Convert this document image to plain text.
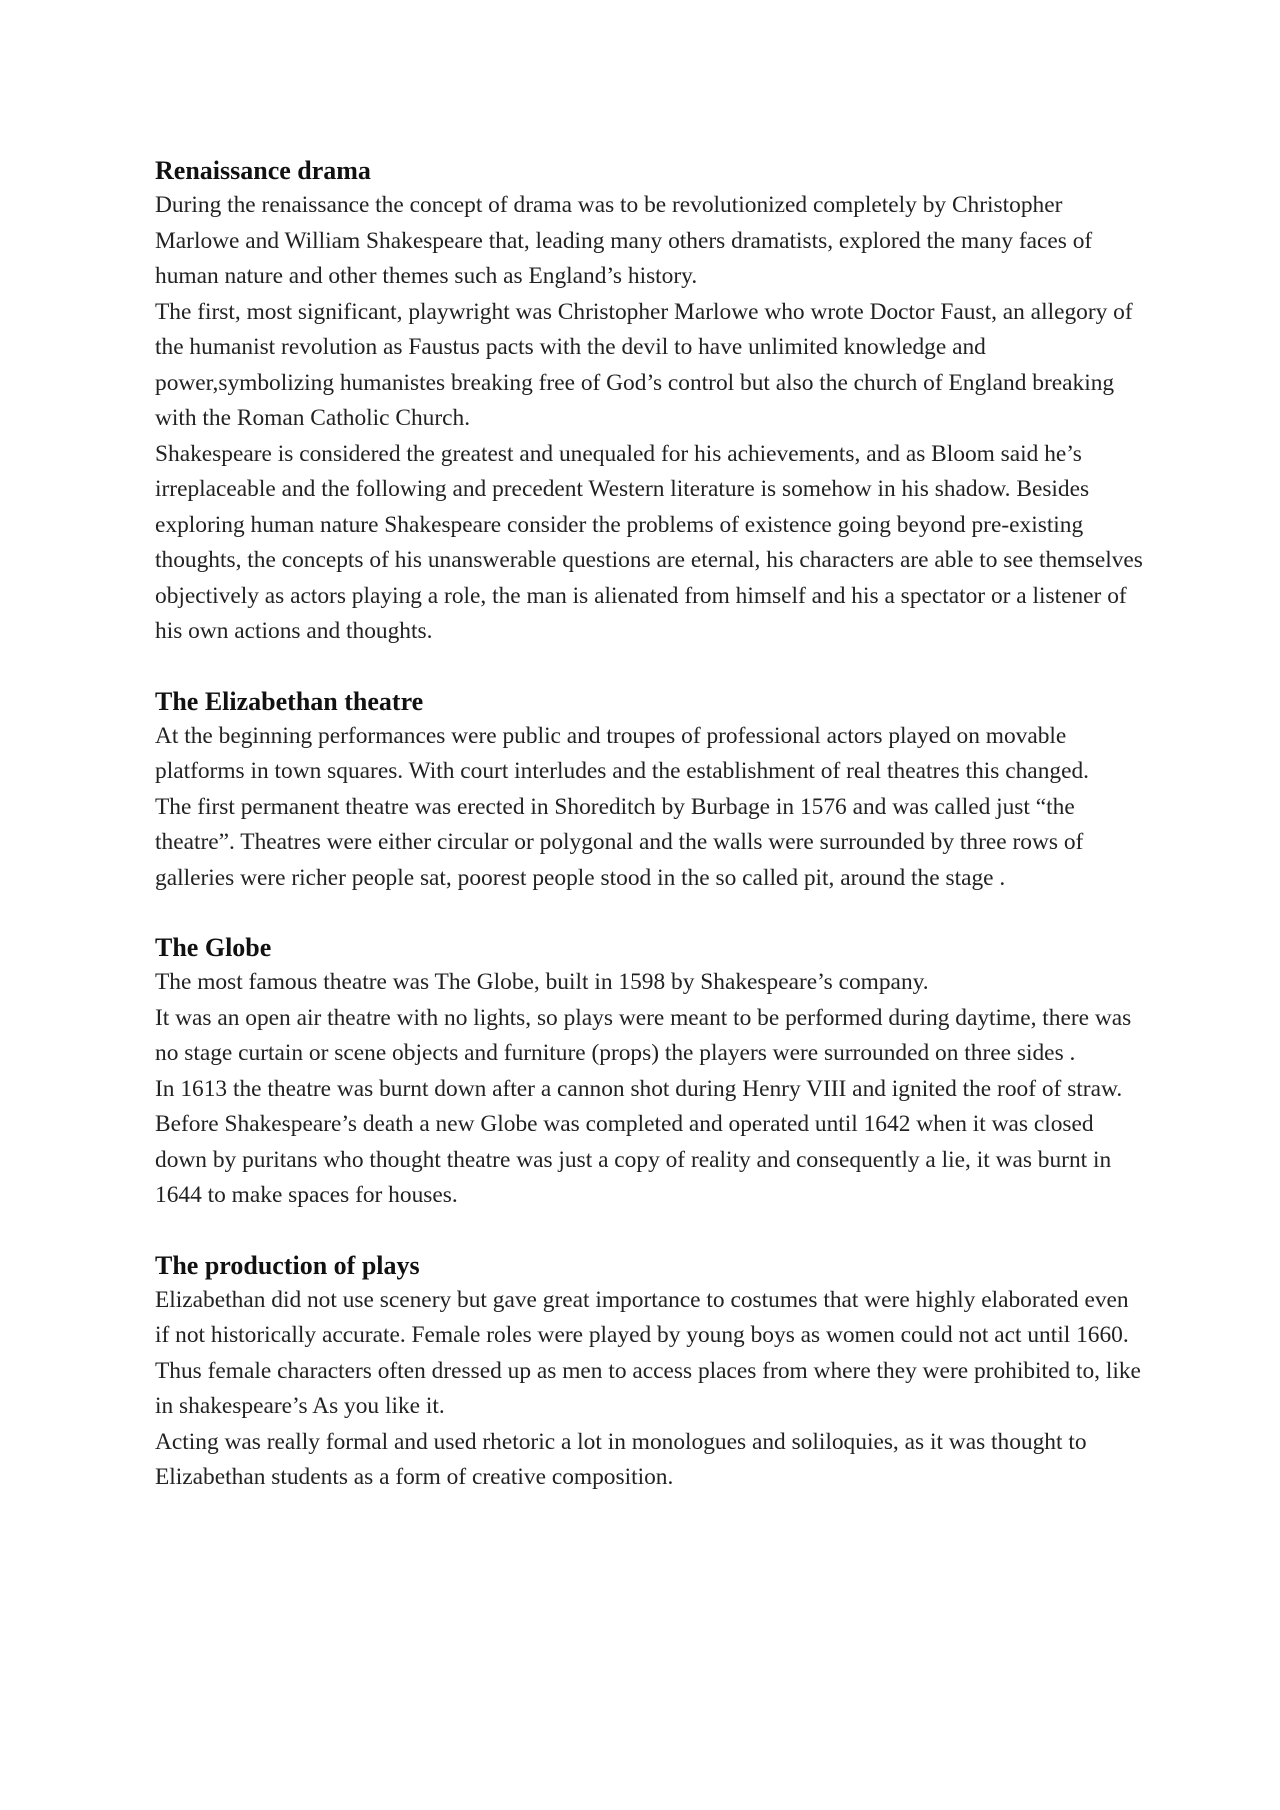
Renaissance drama

During the renaissance the concept of drama was to be revolutionized completely by Christopher Marlowe and William Shakespeare that, leading many others dramatists, explored the many faces of human nature and other themes such as England’s history.

The first, most significant, playwright was Christopher Marlowe who wrote Doctor Faust, an allegory of the humanist revolution as Faustus pacts with the devil to have unlimited knowledge and power,symbolizing humanistes breaking free of God’s control but also the church of England breaking with the Roman Catholic Church.

Shakespeare is considered the greatest and unequaled for his achievements, and as Bloom said he’s irreplaceable and the following and precedent Western literature is somehow in his shadow. Besides exploring human nature Shakespeare consider the problems of existence going beyond pre-existing thoughts, the concepts of his unanswerable questions are eternal, his characters are able to see themselves objectively as actors playing a role, the man is alienated from himself and his a spectator or a listener of his own actions and thoughts.

The Elizabethan theatre

At the beginning performances were public and troupes of professional actors played on movable platforms in town squares. With court interludes and the establishment of real theatres this changed.

The first permanent theatre was erected in Shoreditch by Burbage in 1576 and was called just “the theatre”. Theatres were either circular or polygonal and the walls were surrounded by three rows of galleries were richer people sat, poorest people stood in the so called pit, around the stage .

The Globe

The most famous theatre was The Globe, built in 1598 by Shakespeare’s company.

It was an open air theatre with no lights, so plays were meant to be performed during daytime, there was no stage curtain or scene objects and furniture (props) the players were surrounded on three sides .

In 1613 the theatre was burnt down after a cannon shot during Henry VIII and ignited the roof of straw. Before Shakespeare’s death a new Globe was completed and operated until 1642 when it was closed down by puritans who thought theatre was just a copy of reality and consequently a lie, it was burnt in 1644 to make spaces for houses.

The production of plays

Elizabethan did not use scenery but gave great importance to costumes that were highly elaborated even if not historically accurate. Female roles were played by young boys as women could not act until 1660. Thus female characters often dressed up as men to access places from where they were prohibited to, like in shakespeare’s As you like it.

Acting was really formal and used rhetoric a lot in monologues and soliloquies, as it was thought to Elizabethan students as a form of creative composition.
